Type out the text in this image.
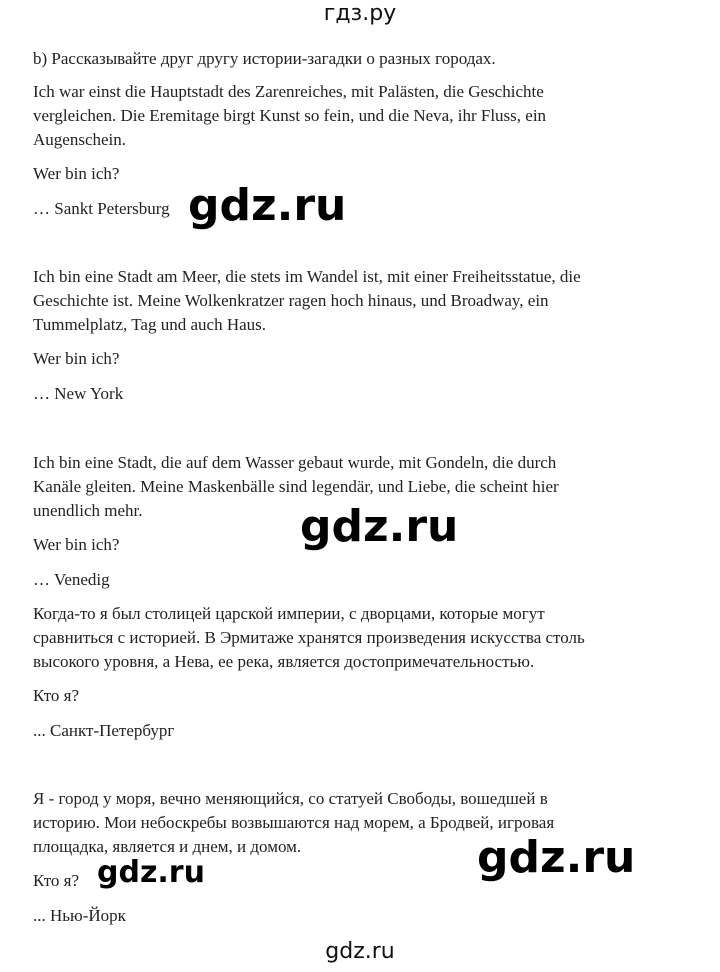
гдз.ру
b) Рассказывайте друг другу истории-загадки о разных городах.
Ich war einst die Hauptstadt des Zarenreiches, mit Palästen, die Geschichte
vergleichen. Die Eremitage birgt Kunst so fein, und die Neva, ihr Fluss, ein
Augenschein.
Wer bin ich?
… Sankt Petersburg
Ich bin eine Stadt am Meer, die stets im Wandel ist, mit einer Freiheitsstatue, die
Geschichte ist. Meine Wolkenkratzer ragen hoch hinaus, und Broadway, ein
Tummelplatz, Tag und auch Haus.
Wer bin ich?
… New York
Ich bin eine Stadt, die auf dem Wasser gebaut wurde, mit Gondeln, die durch
Kanäle gleiten. Meine Maskenbälle sind legendär, und Liebe, die scheint hier
unendlich mehr.
Wer bin ich?
… Venedig
Когда-то я был столицей царской империи, с дворцами, которые могут
сравниться с историей. В Эрмитаже хранятся произведения искусства столь
высокого уровня, а Нева, ее река, является достопримечательностью.
Кто я?
... Санкт-Петербург
Я - город у моря, вечно меняющийся, со статуей Свободы, вошедшей в
историю. Мои небоскребы возвышаются над морем, а Бродвей, игровая
площадка, является и днем, и домом.
Кто я?
... Нью-Йорк
gdz.ru
gdz.ru
gdz.ru
gdz.ru
gdz.ru
